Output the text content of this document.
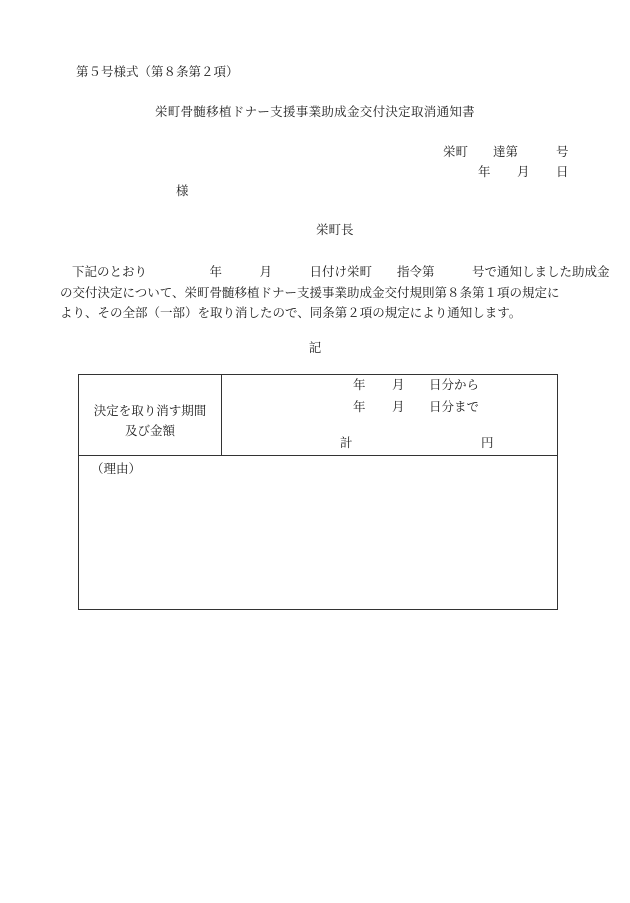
第５号様式（第８条第２項）
栄町骨髄移植ドナー支援事業助成金交付決定取消通知書
栄町 達第	号
年 月 日
様
栄町長
下記のとおり　　　　　年　　　月　　　日付け栄町　　指令第　　　号で通知しました助成金
の交付決定について、栄町骨髄移植ドナー支援事業助成金交付規則第８条第１項の規定に
より、その全部（一部）を取り消したので、同条第２項の規定により通知します。
記
決定を取り消す期間
及び金額
年 月 日分から
年 月 日分まで
計	円
（理由）
